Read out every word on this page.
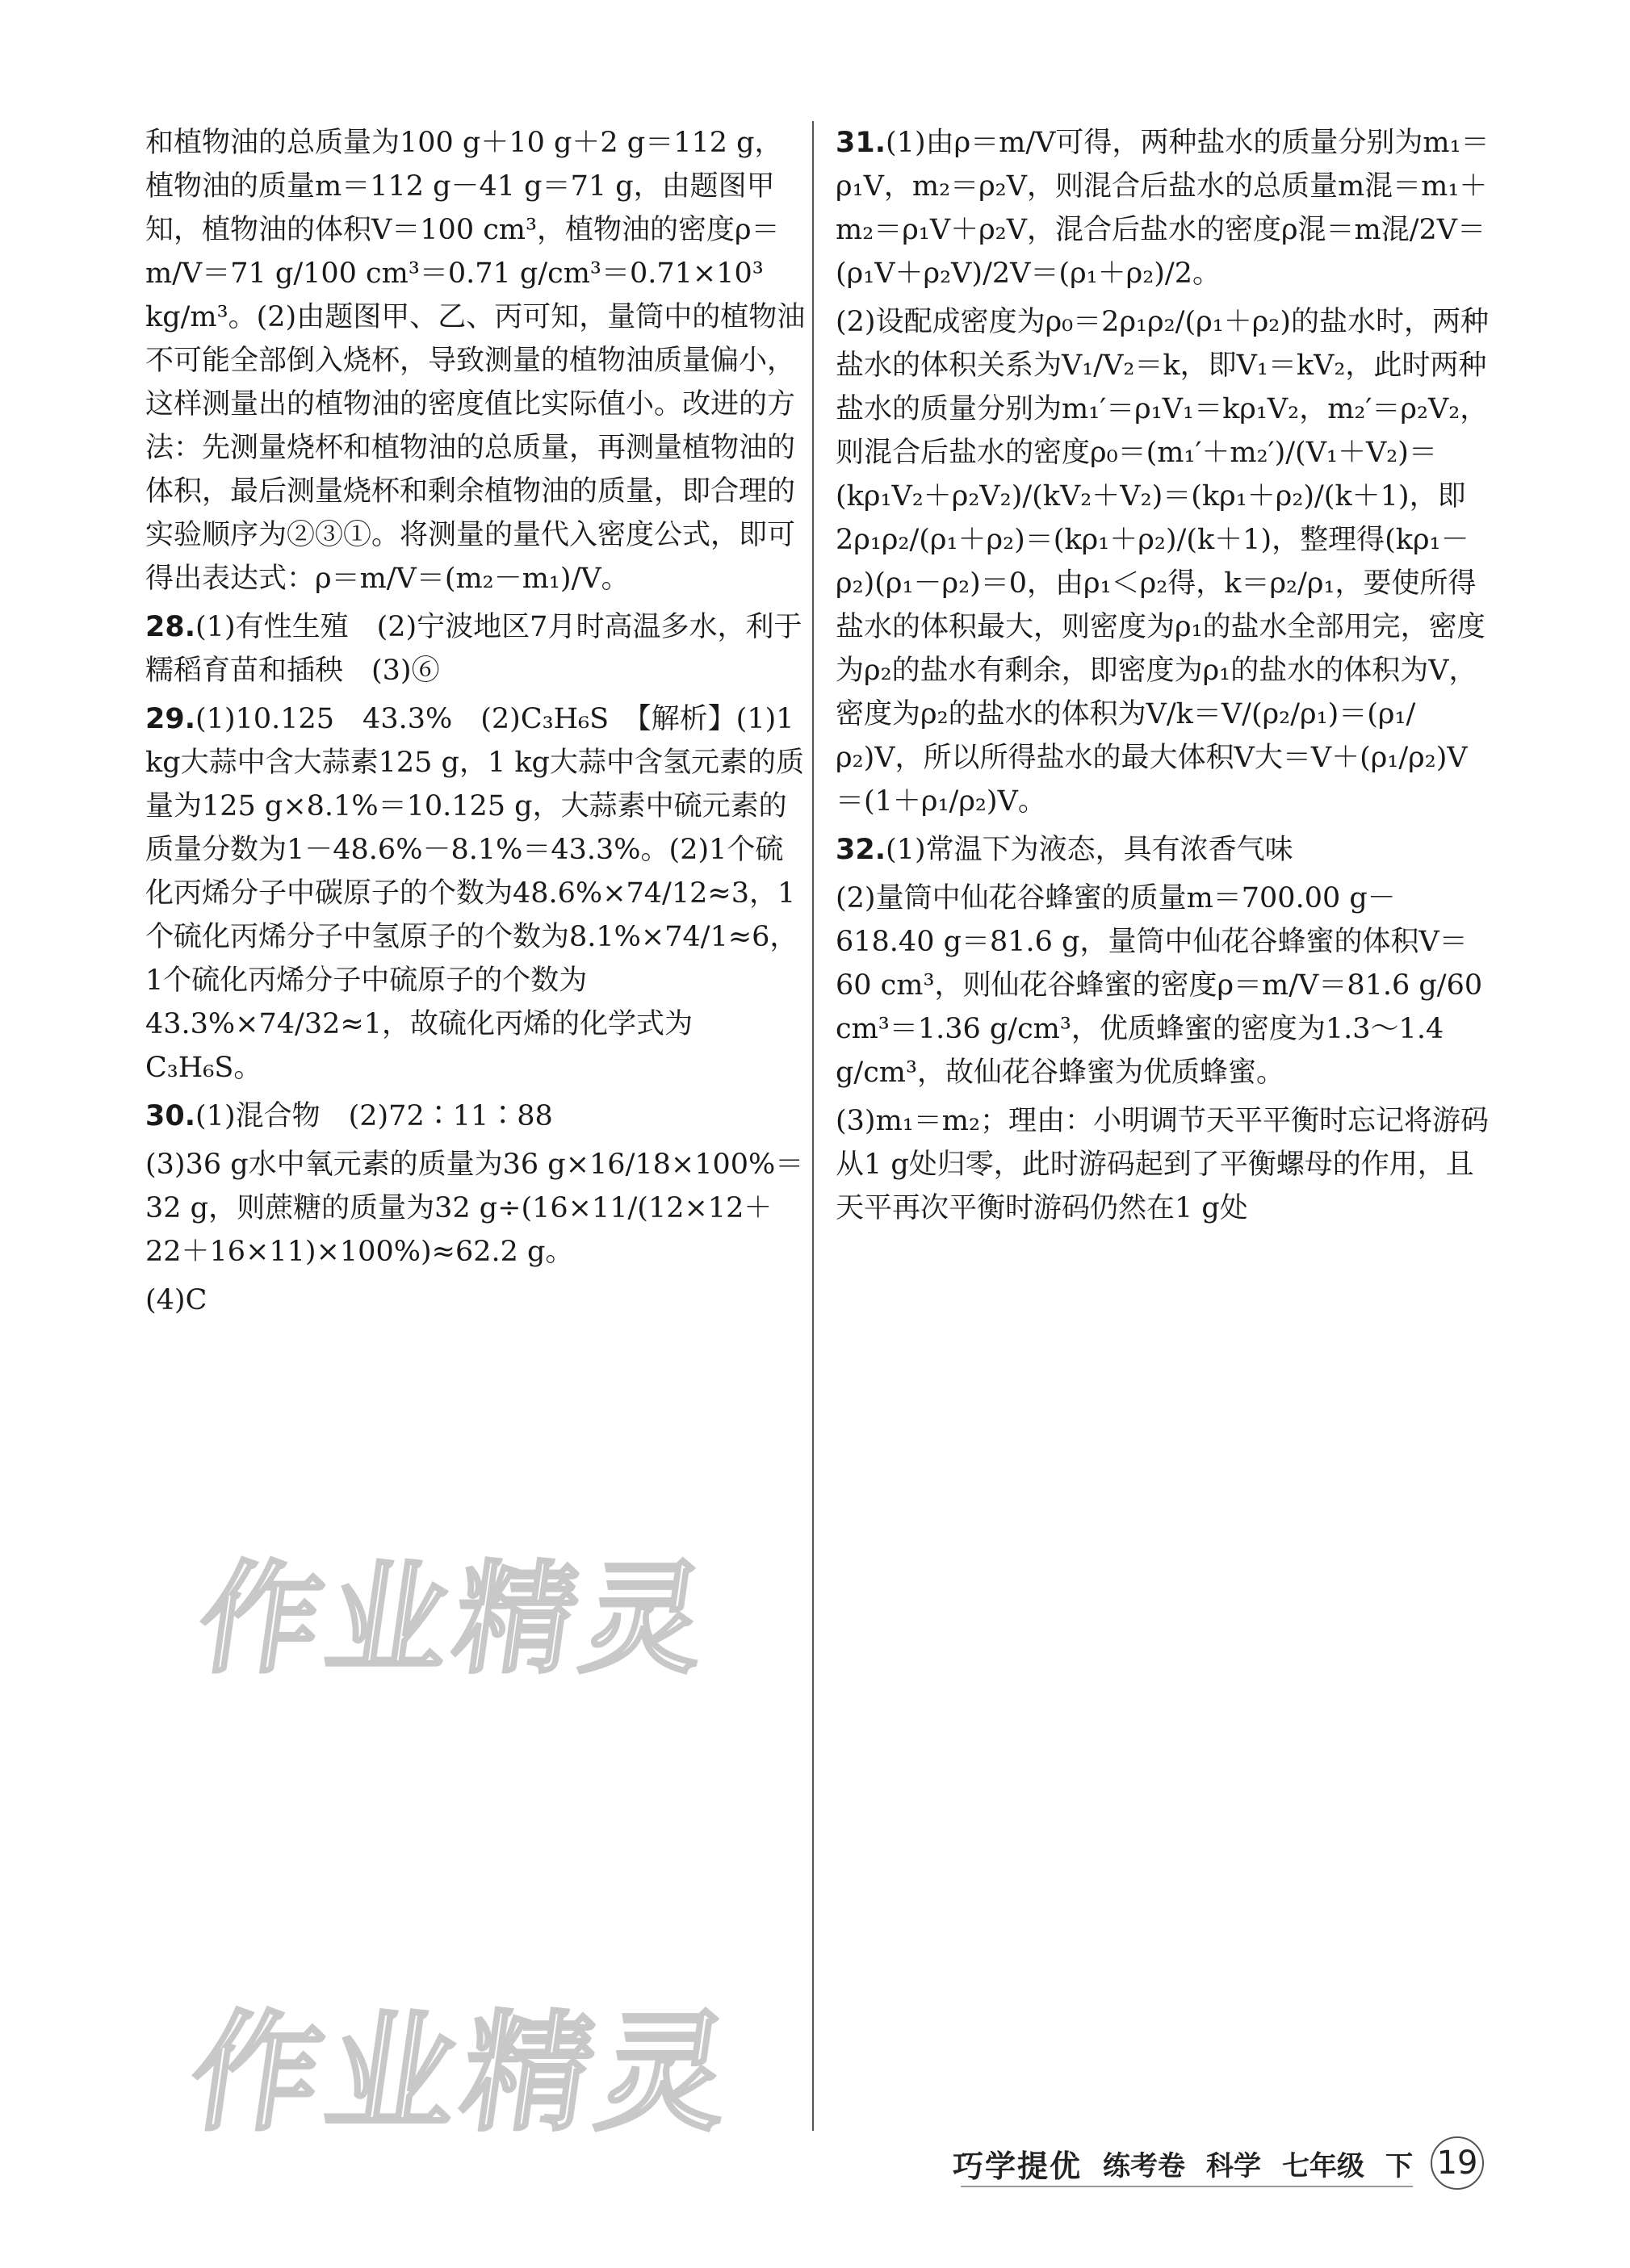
和植物油的总质量为100 g＋10 g＋2 g＝112 g，植物油的质量m＝112 g－41 g＝71 g，由题图甲知，植物油的体积V＝100 cm³，植物油的密度ρ＝m/V＝71 g/100 cm³＝0.71 g/cm³＝0.71×10³ kg/m³。(2)由题图甲、乙、丙可知，量筒中的植物油不可能全部倒入烧杯，导致测量的植物油质量偏小，这样测量出的植物油的密度值比实际值小。改进的方法：先测量烧杯和植物油的总质量，再测量植物油的体积，最后测量烧杯和剩余植物油的质量，即合理的实验顺序为②③①。将测量的量代入密度公式，即可得出表达式：ρ＝m/V＝(m₂－m₁)/V。

28.(1)有性生殖　(2)宁波地区7月时高温多水，利于糯稻育苗和插秧　(3)⑥

29.(1)10.125　43.3%　(2)C₃H₆S　【解析】(1)1 kg大蒜中含大蒜素125 g，1 kg大蒜中含氢元素的质量为125 g×8.1%＝10.125 g，大蒜素中硫元素的质量分数为1－48.6%－8.1%＝43.3%。(2)1个硫化丙烯分子中碳原子的个数为48.6%×74/12≈3，1个硫化丙烯分子中氢原子的个数为8.1%×74/1≈6，1个硫化丙烯分子中硫原子的个数为43.3%×74/32≈1，故硫化丙烯的化学式为C₃H₆S。

30.(1)混合物　(2)72∶11∶88

(3)36 g水中氧元素的质量为36 g×16/18×100%＝32 g，则蔗糖的质量为32 g÷(16×11/(12×12＋22＋16×11)×100%)≈62.2 g。

(4)C

31.(1)由ρ＝m/V可得，两种盐水的质量分别为m₁＝ρ₁V，m₂＝ρ₂V，则混合后盐水的总质量m混＝m₁＋m₂＝ρ₁V＋ρ₂V，混合后盐水的密度ρ混＝m混/2V＝(ρ₁V＋ρ₂V)/2V＝(ρ₁＋ρ₂)/2。

(2)设配成密度为ρ₀＝2ρ₁ρ₂/(ρ₁＋ρ₂)的盐水时，两种盐水的体积关系为V₁/V₂＝k，即V₁＝kV₂，此时两种盐水的质量分别为m₁′＝ρ₁V₁＝kρ₁V₂，m₂′＝ρ₂V₂，则混合后盐水的密度ρ₀＝(m₁′＋m₂′)/(V₁＋V₂)＝(kρ₁V₂＋ρ₂V₂)/(kV₂＋V₂)＝(kρ₁＋ρ₂)/(k＋1)，即2ρ₁ρ₂/(ρ₁＋ρ₂)＝(kρ₁＋ρ₂)/(k＋1)，整理得(kρ₁－ρ₂)(ρ₁－ρ₂)＝0，由ρ₁＜ρ₂得，k＝ρ₂/ρ₁，要使所得盐水的体积最大，则密度为ρ₁的盐水全部用完，密度为ρ₂的盐水有剩余，即密度为ρ₁的盐水的体积为V，密度为ρ₂的盐水的体积为V/k＝V/(ρ₂/ρ₁)＝(ρ₁/ρ₂)V，所以所得盐水的最大体积V大＝V＋(ρ₁/ρ₂)V＝(1＋ρ₁/ρ₂)V。

32.(1)常温下为液态，具有浓香气味

(2)量筒中仙花谷蜂蜜的质量m＝700.00 g－618.40 g＝81.6 g，量筒中仙花谷蜂蜜的体积V＝60 cm³，则仙花谷蜂蜜的密度ρ＝m/V＝81.6 g/60 cm³＝1.36 g/cm³，优质蜂蜜的密度为1.3～1.4 g/cm³，故仙花谷蜂蜜为优质蜂蜜。

(3)m₁＝m₂；理由：小明调节天平平衡时忘记将游码从1 g处归零，此时游码起到了平衡螺母的作用，且天平再次平衡时游码仍然在1 g处

作业精灵
作业精灵
巧学提优 练考卷 科学 七年级 下 19
